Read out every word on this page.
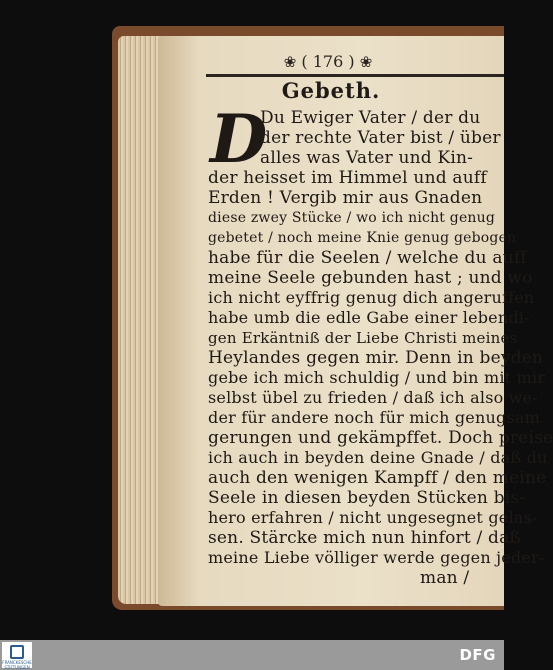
❀ ( 176 ) ❀
Gebeth.
D
Du Ewiger Vater / der du
der rechte Vater bist / über
alles was Vater und Kin-
der heisset im Himmel und auff
Erden ! Vergib mir aus Gnaden
diese zwey Stücke / wo ich nicht genug
gebetet / noch meine Knie genug gebogen
habe für die Seelen / welche du auff
meine Seele gebunden hast ; und wo
ich nicht eyffrig genug dich angeruffen
habe umb die edle Gabe einer lebendi-
gen Erkäntniß der Liebe Christi meines
Heylandes gegen mir. Denn in beyden
gebe ich mich schuldig / und bin mit mir
selbst übel zu frieden / daß ich also we-
der für andere noch für mich genugsam
gerungen und gekämpffet. Doch preise
ich auch in beyden deine Gnade / daß du
auch den wenigen Kampff / den meine
Seele in diesen beyden Stücken bis-
hero erfahren / nicht ungesegnet gelas-
sen. Stärcke mich nun hinfort / daß
meine Liebe völliger werde gegen jeder-
man /
FRANCKESCHE STIFTUNGEN
DFG
